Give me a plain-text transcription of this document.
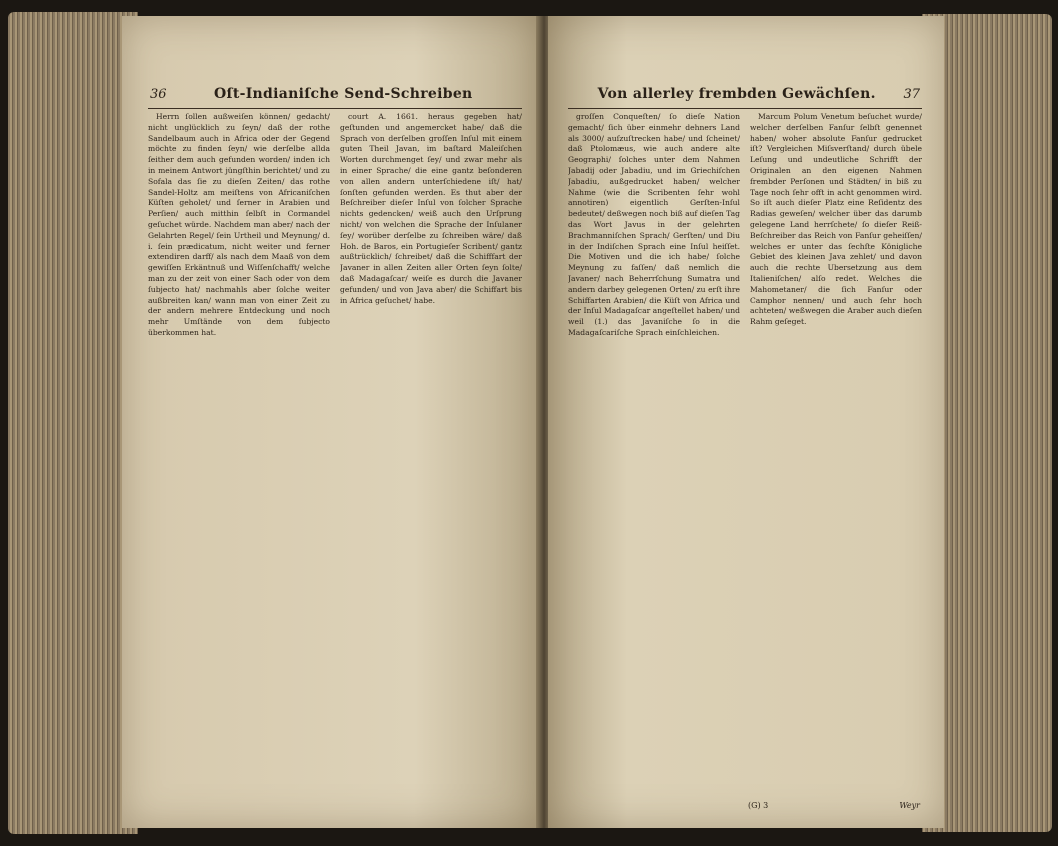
36	Oſt-Indianiſche Send-Schreiben

Herrn ſollen außweiſen können/ gedacht/ nicht unglücklich zu ſeyn/ daß der rothe Sandelbaum auch in Africa oder der Gegend möchte zu finden ſeyn/ wie derſelbe allda ſeither dem auch gefunden worden/ inden ich in meinem Antwort jüngſthin berichtet/ und zu Sofala das ſie zu dieſen Zeiten/ das rothe Sandel-Holtz am meiſtens von Africaniſchen Küſten geholet/ und ſerner in Arabien und Perſien/ auch mitthin ſelbſt in Cormandel geſuchet würde. Nachdem man aber/ nach der Gelahrten Regel/ ſein Urtheil und Meynung/ d. i. ſein prædicatum, nicht weiter und ferner extendiren darff/ als nach dem Maaß von dem gewiſſen Erkäntnuß und Wiſſenſchafft/ welche man zu der zeit von einer Sach oder von dem ſubjecto hat/ nachmahls aber ſolche weiter außbreiten kan/ wann man von einer Zeit zu der andern mehrere Entdeckung und noch mehr Umſtände von dem ſubjecto überkommen hat.

court A. 1661. heraus gegeben hat/ geſtunden und angemercket habe/ daß die Sprach von derſelben groſſen Inſul mit einem guten Theil Javan, im baſtard Maleiſchen Worten durchmenget ſey/ und zwar mehr als in einer Sprache/ die eine gantz beſonderen von allen andern unterſchiedene iſt/ hat/ ſonſten gefunden werden. Es thut aber der Beſchreiber dieſer Inſul von ſolcher Sprache nichts gedencken/ weiß auch den Urſprung nicht/ von welchen die Sprache der Inſulaner ſey/ worüber derſelbe zu ſchreiben wäre/ daß Hoh. de Baros, ein Portugieſer Scribent/ gantz außtrücklich/ ſchreibet/ daß die Schifffart der Javaner in allen Zeiten aller Orten ſeyn ſolte/ daß Madagaſcar/ weiſe es durch die Javaner gefunden/ und von Java aber/ die Schiffart bis in Africa geſuchet/ habe.

Von allerley frembden Gewächſen. 37

groſſen Conqueſten/ ſo dieſe Nation gemacht/ ſich über einmehr dehners Land als 3000/ auſzuſtrecken habe/ und ſcheinet/ daß Ptolomæus, wie auch andere alte Geographi/ ſolches unter dem Nahmen Jabadij oder Jabadiu, und im Griechiſchen Jabadiu, außgedrucket haben/ welcher Nahme (wie die Scribenten ſehr wohl annotiren) eigentlich Gerſten-Inſul bedeutet/ deßwegen noch biß auf dieſen Tag das Wort Javus in der gelehrten Brachmanniſchen Sprach/ Gerſten/ und Diu in der Indiſchen Sprach eine Inſul heiſſet. Die Motiven und die ich habe/ ſolche Meynung zu faſſen/ daß nemlich die Javaner/ nach Beherrſchung Sumatra und andern darbey gelegenen Orten/ zu erſt ihre Schiffarten Arabien/ die Küſt von Africa und der Inſul Madagaſcar angeſtellet haben/ und weil (1.) das Javaniſche ſo in die Madagaſcariſche Sprach einſchleichen.

Marcum Polum Venetum beſuchet wurde/ welcher derſelben Fanſur ſelbſt genennet haben/ woher absolute Fanſur gedrucket iſt? Vergleichen Miſsverſtand/ durch übele Leſung und undeutliche Schrifft der Originalen an den eigenen Nahmen frembder Perſonen und Städten/ in biß zu Tage noch ſehr offt in acht genommen wird. So iſt auch dieſer Platz eine Reſidentz des Radias geweſen/ welcher über das darumb gelegene Land herrſchete/ ſo dieſer Reiß-Beſchreiber das Reich von Fanſur geheiſſen/ welches er unter das ſechſte Königliche Gebiet des kleinen Java zehlet/ und davon auch die rechte Ubersetzung aus dem Italieniſchen/ alſo redet. Welches die Mahometaner/ die ſich Fanſur oder Camphor nennen/ und auch ſehr hoch achteten/ weßwegen die Araber auch dieſen Rahm geſeget.

(G) 3	Weyr
